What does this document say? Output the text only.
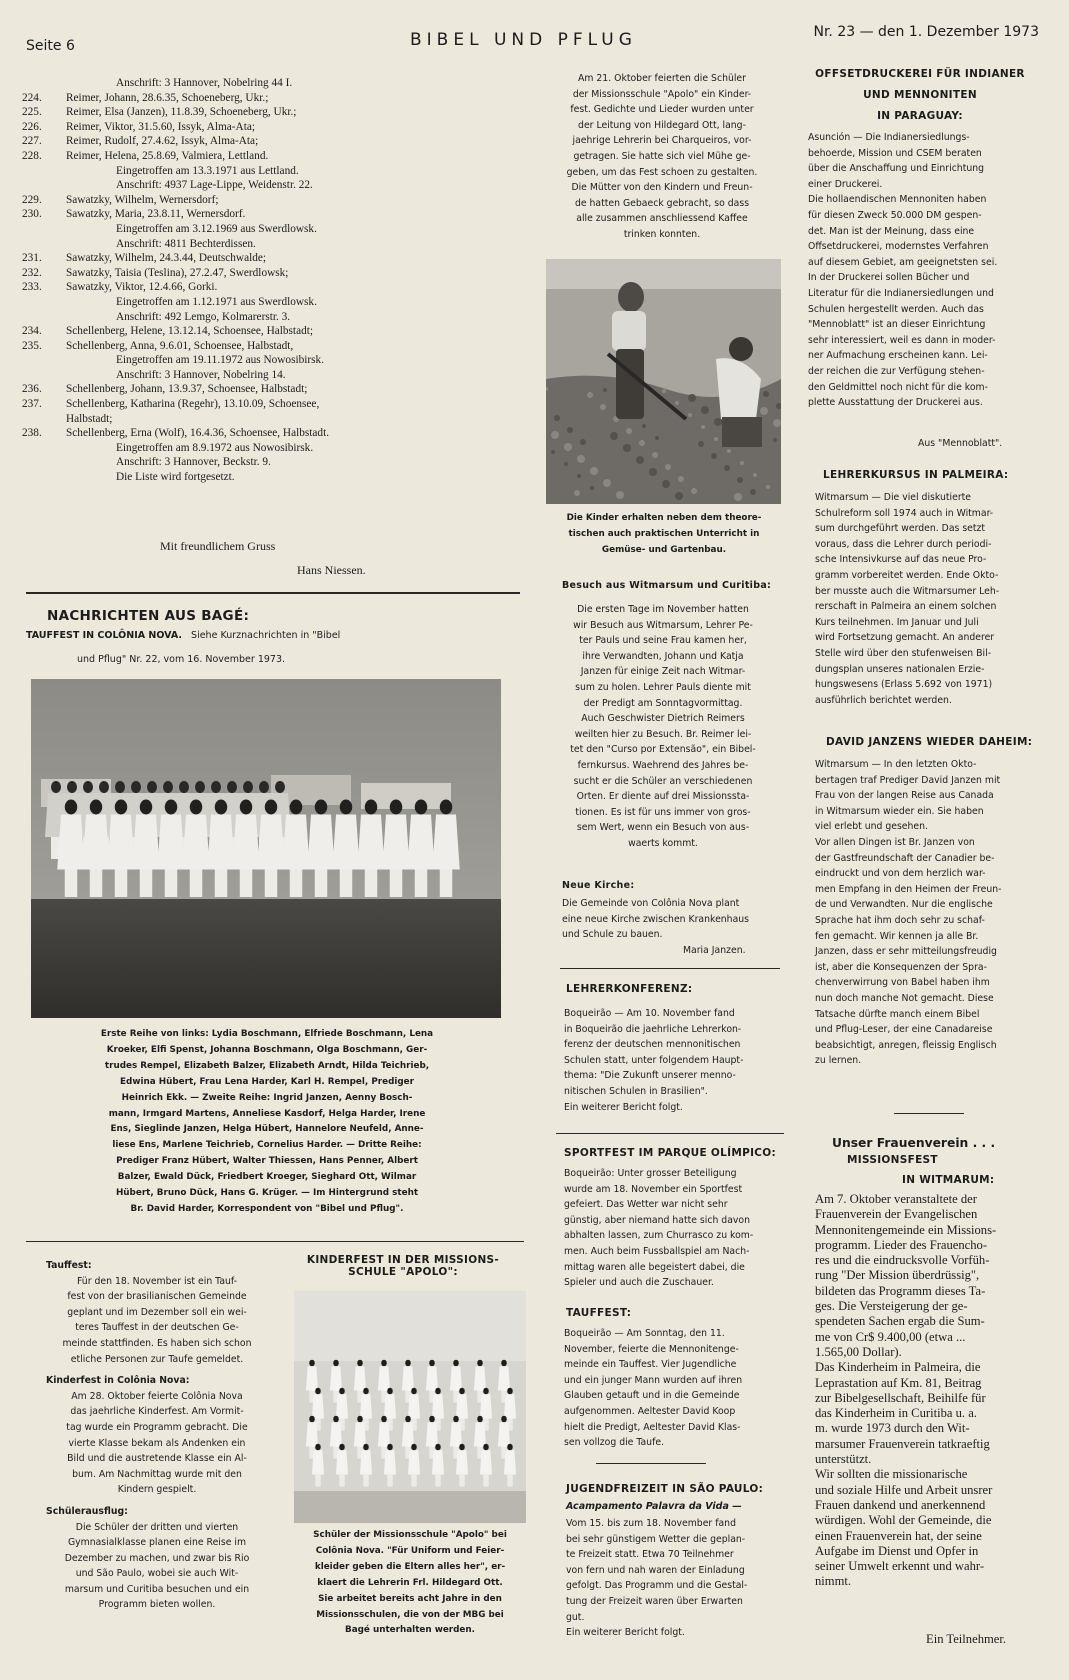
Seite 6	BIBEL UND PFLUG	Nr. 23 — den 1. Dezember 1973
Anschrift: 3 Hannover, Nobelring 44 I.
224.	Reimer, Johann, 28.6.35, Schoeneberg, Ukr.;
225.	Reimer, Elsa (Janzen), 11.8.39, Schoeneberg, Ukr.;
226.	Reimer, Viktor, 31.5.60, Issyk, Alma-Ata;
227.	Reimer, Rudolf, 27.4.62, Issyk, Alma-Ata;
228.	Reimer, Helena, 25.8.69, Valmiera, Lettland.
Eingetroffen am 13.3.1971 aus Lettland.
Anschrift: 4937 Lage-Lippe, Weidenstr. 22.
229.	Sawatzky, Wilhelm, Wernersdorf;
230.	Sawatzky, Maria, 23.8.11, Wernersdorf.
Eingetroffen am 3.12.1969 aus Swerdlowsk.
Anschrift: 4811 Bechterdissen.
231.	Sawatzky, Wilhelm, 24.3.44, Deutschwalde;
232.	Sawatzky, Taisia (Teslina), 27.2.47, Swerdlowsk;
233.	Sawatzky, Viktor, 12.4.66, Gorki.
Eingetroffen am 1.12.1971 aus Swerdlowsk.
Anschrift: 492 Lemgo, Kolmarerstr. 3.
234.	Schellenberg, Helene, 13.12.14, Schoensee, Halbstadt;
235.	Schellenberg, Anna, 9.6.01, Schoensee, Halbstadt,
Eingetroffen am 19.11.1972 aus Nowosibirsk.
Anschrift: 3 Hannover, Nobelring 14.
236.	Schellenberg, Johann, 13.9.37, Schoensee, Halbstadt;
237.	Schellenberg, Katharina (Regehr), 13.10.09, Schoensee,
Halbstadt;
238.	Schellenberg, Erna (Wolf), 16.4.36, Schoensee, Halbstadt.
Eingetroffen am 8.9.1972 aus Nowosibirsk.
Anschrift: 3 Hannover, Beckstr. 9.
Die Liste wird fortgesetzt.
Mit freundlichem Gruss
Hans Niessen.
NACHRICHTEN AUS BAGÉ:
TAUFFEST IN COLÔNIA NOVA. Siehe Kurznachrichten in "Bibel
und Pflug" Nr. 22, vom 16. November 1973.
Erste Reihe von links: Lydia Boschmann, Elfriede Boschmann, Lena
Kroeker, Elfi Spenst, Johanna Boschmann, Olga Boschmann, Ger-
trudes Rempel, Elizabeth Balzer, Elizabeth Arndt, Hilda Teichrieb,
Edwina Hübert, Frau Lena Harder, Karl H. Rempel, Prediger
Heinrich Ekk. — Zweite Reihe: Ingrid Janzen, Aenny Bosch-
mann, Irmgard Martens, Anneliese Kasdorf, Helga Harder, Irene
Ens, Sieglinde Janzen, Helga Hübert, Hannelore Neufeld, Anne-
liese Ens, Marlene Teichrieb, Cornelius Harder. — Dritte Reihe:
Prediger Franz Hübert, Walter Thiessen, Hans Penner, Albert
Balzer, Ewald Dück, Friedbert Kroeger, Sieghard Ott, Wilmar
Hübert, Bruno Dück, Hans G. Krüger. — Im Hintergrund steht
Br. David Harder, Korrespondent von "Bibel und Pflug".
Tauffest:
Für den 18. November ist ein Tauf-
fest von der brasilianischen Gemeinde
geplant und im Dezember soll ein wei-
teres Tauffest in der deutschen Ge-
meinde stattfinden. Es haben sich schon
etliche Personen zur Taufe gemeldet.
Kinderfest in Colônia Nova:
Am 28. Oktober feierte Colônia Nova
das jaehrliche Kinderfest. Am Vormit-
tag wurde ein Programm gebracht. Die
vierte Klasse bekam als Andenken ein
Bild und die austretende Klasse ein Al-
bum. Am Nachmittag wurde mit den
Kindern gespielt.
Schülerausflug:
Die Schüler der dritten und vierten
Gymnasialklasse planen eine Reise im
Dezember zu machen, und zwar bis Rio
und São Paulo, wobei sie auch Wit-
marsum und Curitiba besuchen und ein
Programm bieten wollen.
KINDERFEST IN DER MISSIONS-
SCHULE "APOLO":
Schüler der Missionsschule "Apolo" bei
Colônia Nova. "Für Uniform und Feier-
kleider geben die Eltern alles her", er-
klaert die Lehrerin Frl. Hildegard Ott.
Sie arbeitet bereits acht Jahre in den
Missionsschulen, die von der MBG bei
Bagé unterhalten werden.
Am 21. Oktober feierten die Schüler
der Missionsschule "Apolo" ein Kinder-
fest. Gedichte und Lieder wurden unter
der Leitung von Hildegard Ott, lang-
jaehrige Lehrerin bei Charqueiros, vor-
getragen. Sie hatte sich viel Mühe ge-
geben, um das Fest schoen zu gestalten.
Die Mütter von den Kindern und Freun-
de hatten Gebaeck gebracht, so dass
alle zusammen anschliessend Kaffee
trinken konnten.
Die Kinder erhalten neben dem theore-
tischen auch praktischen Unterricht in
Gemüse- und Gartenbau.
Besuch aus Witmarsum und Curitiba:
Die ersten Tage im November hatten
wir Besuch aus Witmarsum, Lehrer Pe-
ter Pauls und seine Frau kamen her,
ihre Verwandten, Johann und Katja
Janzen für einige Zeit nach Witmar-
sum zu holen. Lehrer Pauls diente mit
der Predigt am Sonntagvormittag.
Auch Geschwister Dietrich Reimers
weilten hier zu Besuch. Br. Reimer lei-
tet den "Curso por Extensão", ein Bibel-
fernkursus. Waehrend des Jahres be-
sucht er die Schüler an verschiedenen
Orten. Er diente auf drei Missionssta-
tionen. Es ist für uns immer von gros-
sem Wert, wenn ein Besuch von aus-
waerts kommt.
Neue Kirche:
Die Gemeinde von Colônia Nova plant
eine neue Kirche zwischen Krankenhaus
und Schule zu bauen.
Maria Janzen.
LEHRERKONFERENZ:
Boqueirão — Am 10. November fand
in Boqueirão die jaehrliche Lehrerkon-
ferenz der deutschen mennonitischen
Schulen statt, unter folgendem Haupt-
thema: "Die Zukunft unserer menno-
nitischen Schulen in Brasilien".
Ein weiterer Bericht folgt.
SPORTFEST IM PARQUE OLÍMPICO:
Boqueirão: Unter grosser Beteiligung
wurde am 18. November ein Sportfest
gefeiert. Das Wetter war nicht sehr
günstig, aber niemand hatte sich davon
abhalten lassen, zum Churrasco zu kom-
men. Auch beim Fussballspiel am Nach-
mittag waren alle begeistert dabei, die
Spieler und auch die Zuschauer.
TAUFFEST:
Boqueirão — Am Sonntag, den 11.
November, feierte die Mennonitenge-
meinde ein Tauffest. Vier Jugendliche
und ein junger Mann wurden auf ihren
Glauben getauft und in die Gemeinde
aufgenommen. Aeltester David Koop
hielt die Predigt, Aeltester David Klas-
sen vollzog die Taufe.
JUGENDFREIZEIT IN SÃO PAULO:
Acampamento Palavra da Vida —
Vom 15. bis zum 18. November fand
bei sehr günstigem Wetter die geplan-
te Freizeit statt. Etwa 70 Teilnehmer
von fern und nah waren der Einladung
gefolgt. Das Programm und die Gestal-
tung der Freizeit waren über Erwarten
gut.
Ein weiterer Bericht folgt.
OFFSETDRUCKEREI FÜR INDIANER
UND MENNONITEN
IN PARAGUAY:
Asunción — Die Indianersiedlungs-
behoerde, Mission und CSEM beraten
über die Anschaffung und Einrichtung
einer Druckerei.
Die hollaendischen Mennoniten haben
für diesen Zweck 50.000 DM gespen-
det. Man ist der Meinung, dass eine
Offsetdruckerei, modernstes Verfahren
auf diesem Gebiet, am geeignetsten sei.
In der Druckerei sollen Bücher und
Literatur für die Indianersiedlungen und
Schulen hergestellt werden. Auch das
"Mennoblatt" ist an dieser Einrichtung
sehr interessiert, weil es dann in moder-
ner Aufmachung erscheinen kann. Lei-
der reichen die zur Verfügung stehen-
den Geldmittel noch nicht für die kom-
plette Ausstattung der Druckerei aus.
Aus "Mennoblatt".
LEHRERKURSUS IN PALMEIRA:
Witmarsum — Die viel diskutierte
Schulreform soll 1974 auch in Witmar-
sum durchgeführt werden. Das setzt
voraus, dass die Lehrer durch periodi-
sche Intensivkurse auf das neue Pro-
gramm vorbereitet werden. Ende Okto-
ber musste auch die Witmarsumer Leh-
rerschaft in Palmeira an einem solchen
Kurs teilnehmen. Im Januar und Juli
wird Fortsetzung gemacht. An anderer
Stelle wird über den stufenweisen Bil-
dungsplan unseres nationalen Erzie-
hungswesens (Erlass 5.692 von 1971)
ausführlich berichtet werden.
DAVID JANZENS WIEDER DAHEIM:
Witmarsum — In den letzten Okto-
bertagen traf Prediger David Janzen mit
Frau von der langen Reise aus Canada
in Witmarsum wieder ein. Sie haben
viel erlebt und gesehen.
Vor allen Dingen ist Br. Janzen von
der Gastfreundschaft der Canadier be-
eindruckt und von dem herzlich war-
men Empfang in den Heimen der Freun-
de und Verwandten. Nur die englische
Sprache hat ihm doch sehr zu schaf-
fen gemacht. Wir kennen ja alle Br.
Janzen, dass er sehr mitteilungsfreudig
ist, aber die Konsequenzen der Spra-
chenverwirrung von Babel haben ihm
nun doch manche Not gemacht. Diese
Tatsache dürfte manch einem Bibel
und Pflug-Leser, der eine Canadareise
beabsichtigt, anregen, fleissig Englisch
zu lernen.
Unser Frauenverein . . .
MISSIONSFEST
IN WITMARUM:
Am 7. Oktober veranstaltete der
Frauenverein der Evangelischen
Mennonitengemeinde ein Missions-
programm. Lieder des Frauencho-
res und die eindrucksvolle Vorfüh-
rung "Der Mission überdrüssig",
bildeten das Programm dieses Ta-
ges. Die Versteigerung der ge-
spendeten Sachen ergab die Sum-
me von Cr$ 9.400,00 (etwa ...
1.565,00 Dollar).
Das Kinderheim in Palmeira, die
Leprastation auf Km. 81, Beitrag
zur Bibelgesellschaft, Beihilfe für
das Kinderheim in Curitiba u. a.
m. wurde 1973 durch den Wit-
marsumer Frauenverein tatkraeftig
unterstützt.
Wir sollten die missionarische
und soziale Hilfe und Arbeit unsrer
Frauen dankend und anerkennend
würdigen. Wohl der Gemeinde, die
einen Frauenverein hat, der seine
Aufgabe im Dienst und Opfer in
seiner Umwelt erkennt und wahr-
nimmt.
Ein Teilnehmer.
